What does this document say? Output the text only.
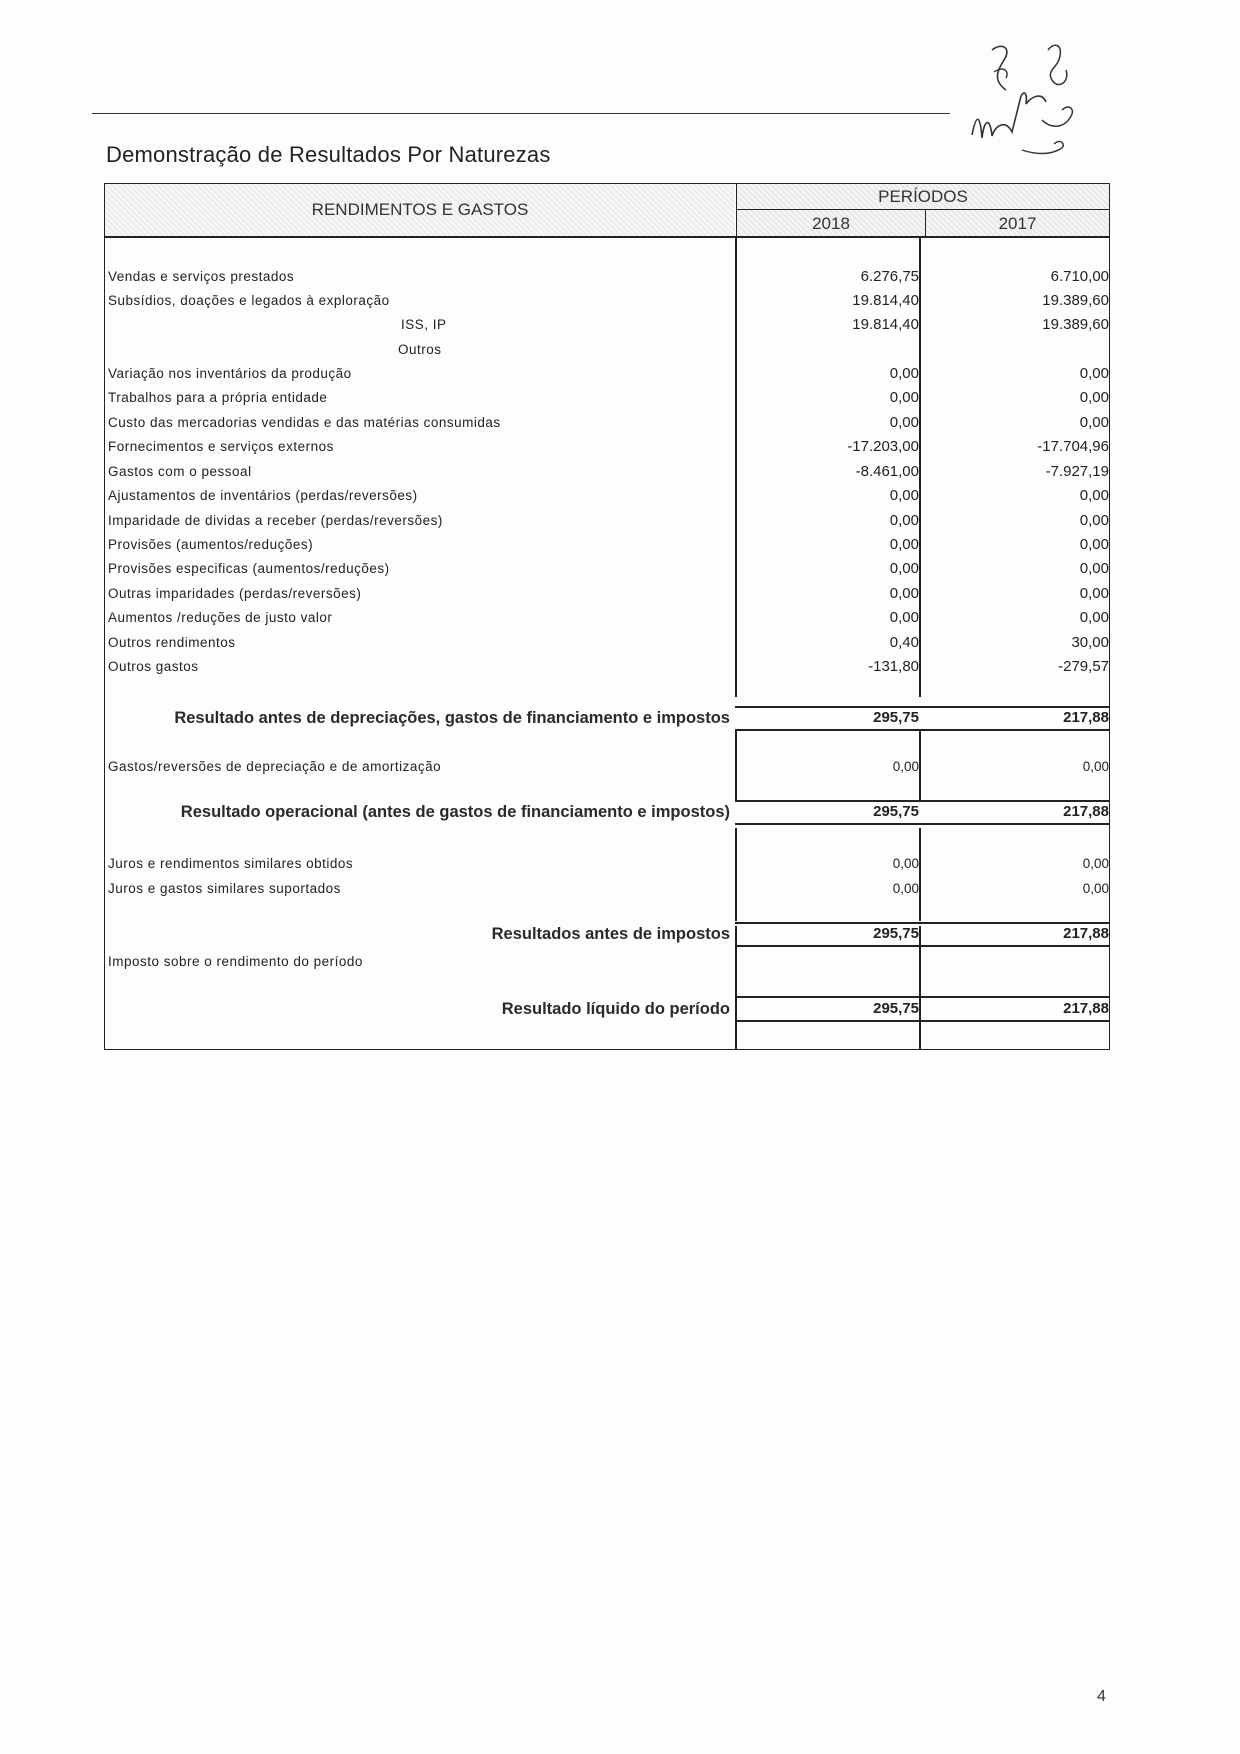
Demonstração de Resultados Por Naturezas
RENDIMENTOS E GASTOS
PERÍODOS
2018	2017
Vendas e serviços prestados	6.276,75	6.710,00
Subsídios, doações e legados à exploração	19.814,40	19.389,60
ISS, IP	19.814,40	19.389,60
Outros
Variação nos inventários da produção	0,00	0,00
Trabalhos para a própria entidade	0,00	0,00
Custo das mercadorias vendidas e das matérias consumidas	0,00	0,00
Fornecimentos e serviços externos	-17.203,00	-17.704,96
Gastos com o pessoal	-8.461,00	-7.927,19
Ajustamentos de inventários (perdas/reversões)	0,00	0,00
Imparidade de dividas a receber (perdas/reversões)	0,00	0,00
Provisões (aumentos/reduções)	0,00	0,00
Provisões especificas (aumentos/reduções)	0,00	0,00
Outras imparidades (perdas/reversões)	0,00	0,00
Aumentos /reduções de justo valor	0,00	0,00
Outros rendimentos	0,40	30,00
Outros gastos	-131,80	-279,57
Resultado antes de depreciações, gastos de financiamento e impostos	295,75	217,88
Gastos/reversões de depreciação e de amortização	0,00	0,00
Resultado operacional (antes de gastos de financiamento e impostos)	295,75	217,88
Juros e rendimentos similares obtidos	0,00	0,00
Juros e gastos similares suportados	0,00	0,00
Resultados antes de impostos	295,75	217,88
Imposto sobre o rendimento do período
Resultado líquido do período	295,75	217,88
4
